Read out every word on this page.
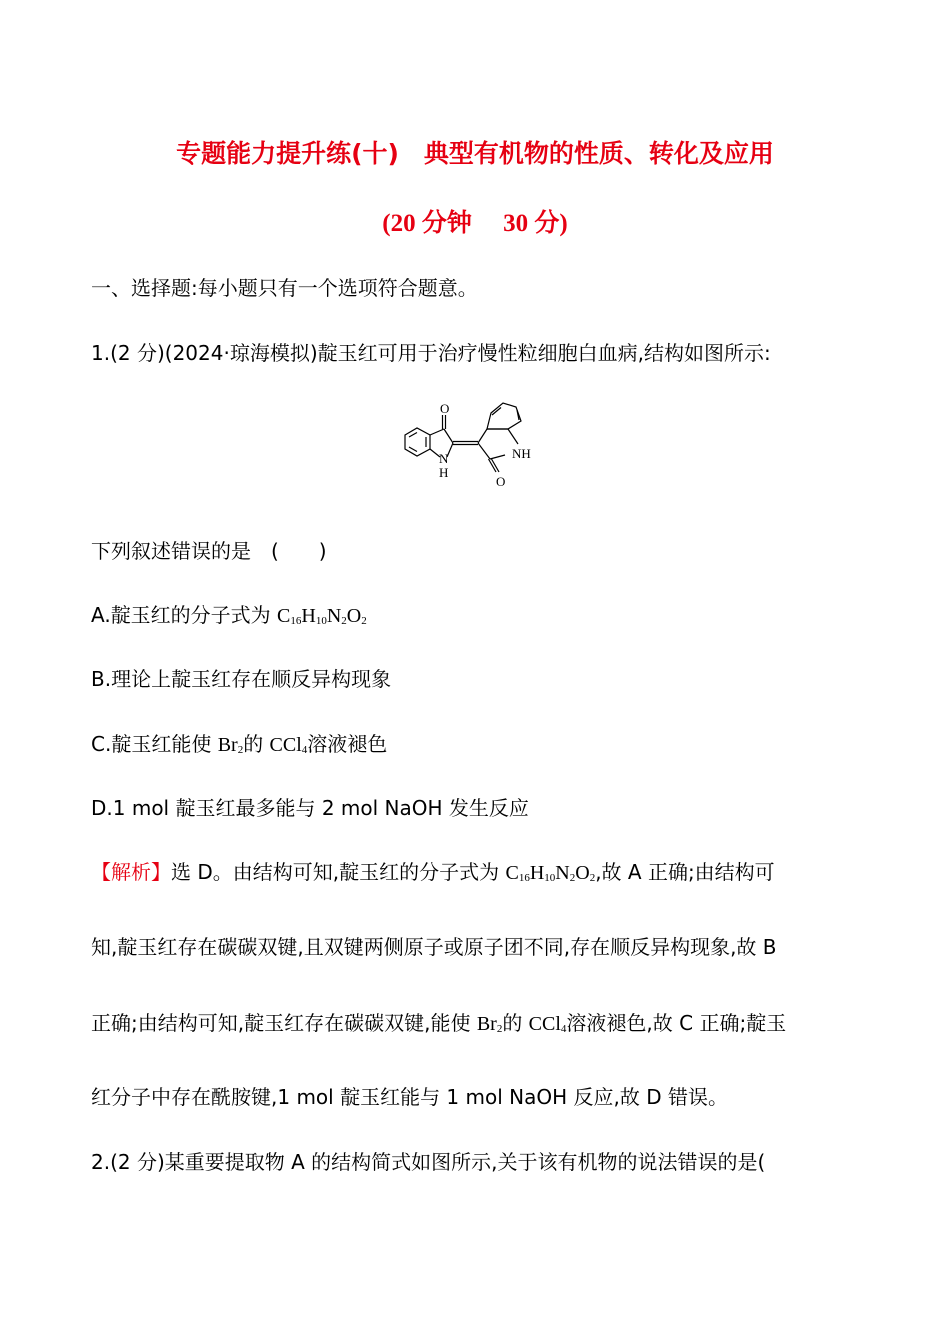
专题能力提升练(十)　典型有机物的性质、转化及应用
(20 分钟　 30 分)
一、选择题:每小题只有一个选项符合题意。
1.(2 分)(2024·琼海模拟)靛玉红可用于治疗慢性粒细胞白血病,结构如图所示:
O
N
H
NH
O
下列叙述错误的是　(　　)
A.靛玉红的分子式为 $C_{16}H_{10}N_2O_2$
B.理论上靛玉红存在顺反异构现象
C.靛玉红能使 $Br_2$的 CCl$_4$溶液褪色
D.1 mol 靛玉红最多能与 2 mol NaOH 发生反应
【解析】选 D。由结构可知,靛玉红的分子式为 $C_{16}H_{10}N_2O_2$,故 A 正确;由结构可
知,靛玉红存在碳碳双键,且双键两侧原子或原子团不同,存在顺反异构现象,故 B
正确;由结构可知,靛玉红存在碳碳双键,能使 $Br_2$的 CCl$_4$溶液褪色,故 C 正确;靛玉
红分子中存在酰胺键,1 mol 靛玉红能与 1 mol NaOH 反应,故 D 错误。
2.(2 分)某重要提取物 A 的结构简式如图所示,关于该有机物的说法错误的是(
